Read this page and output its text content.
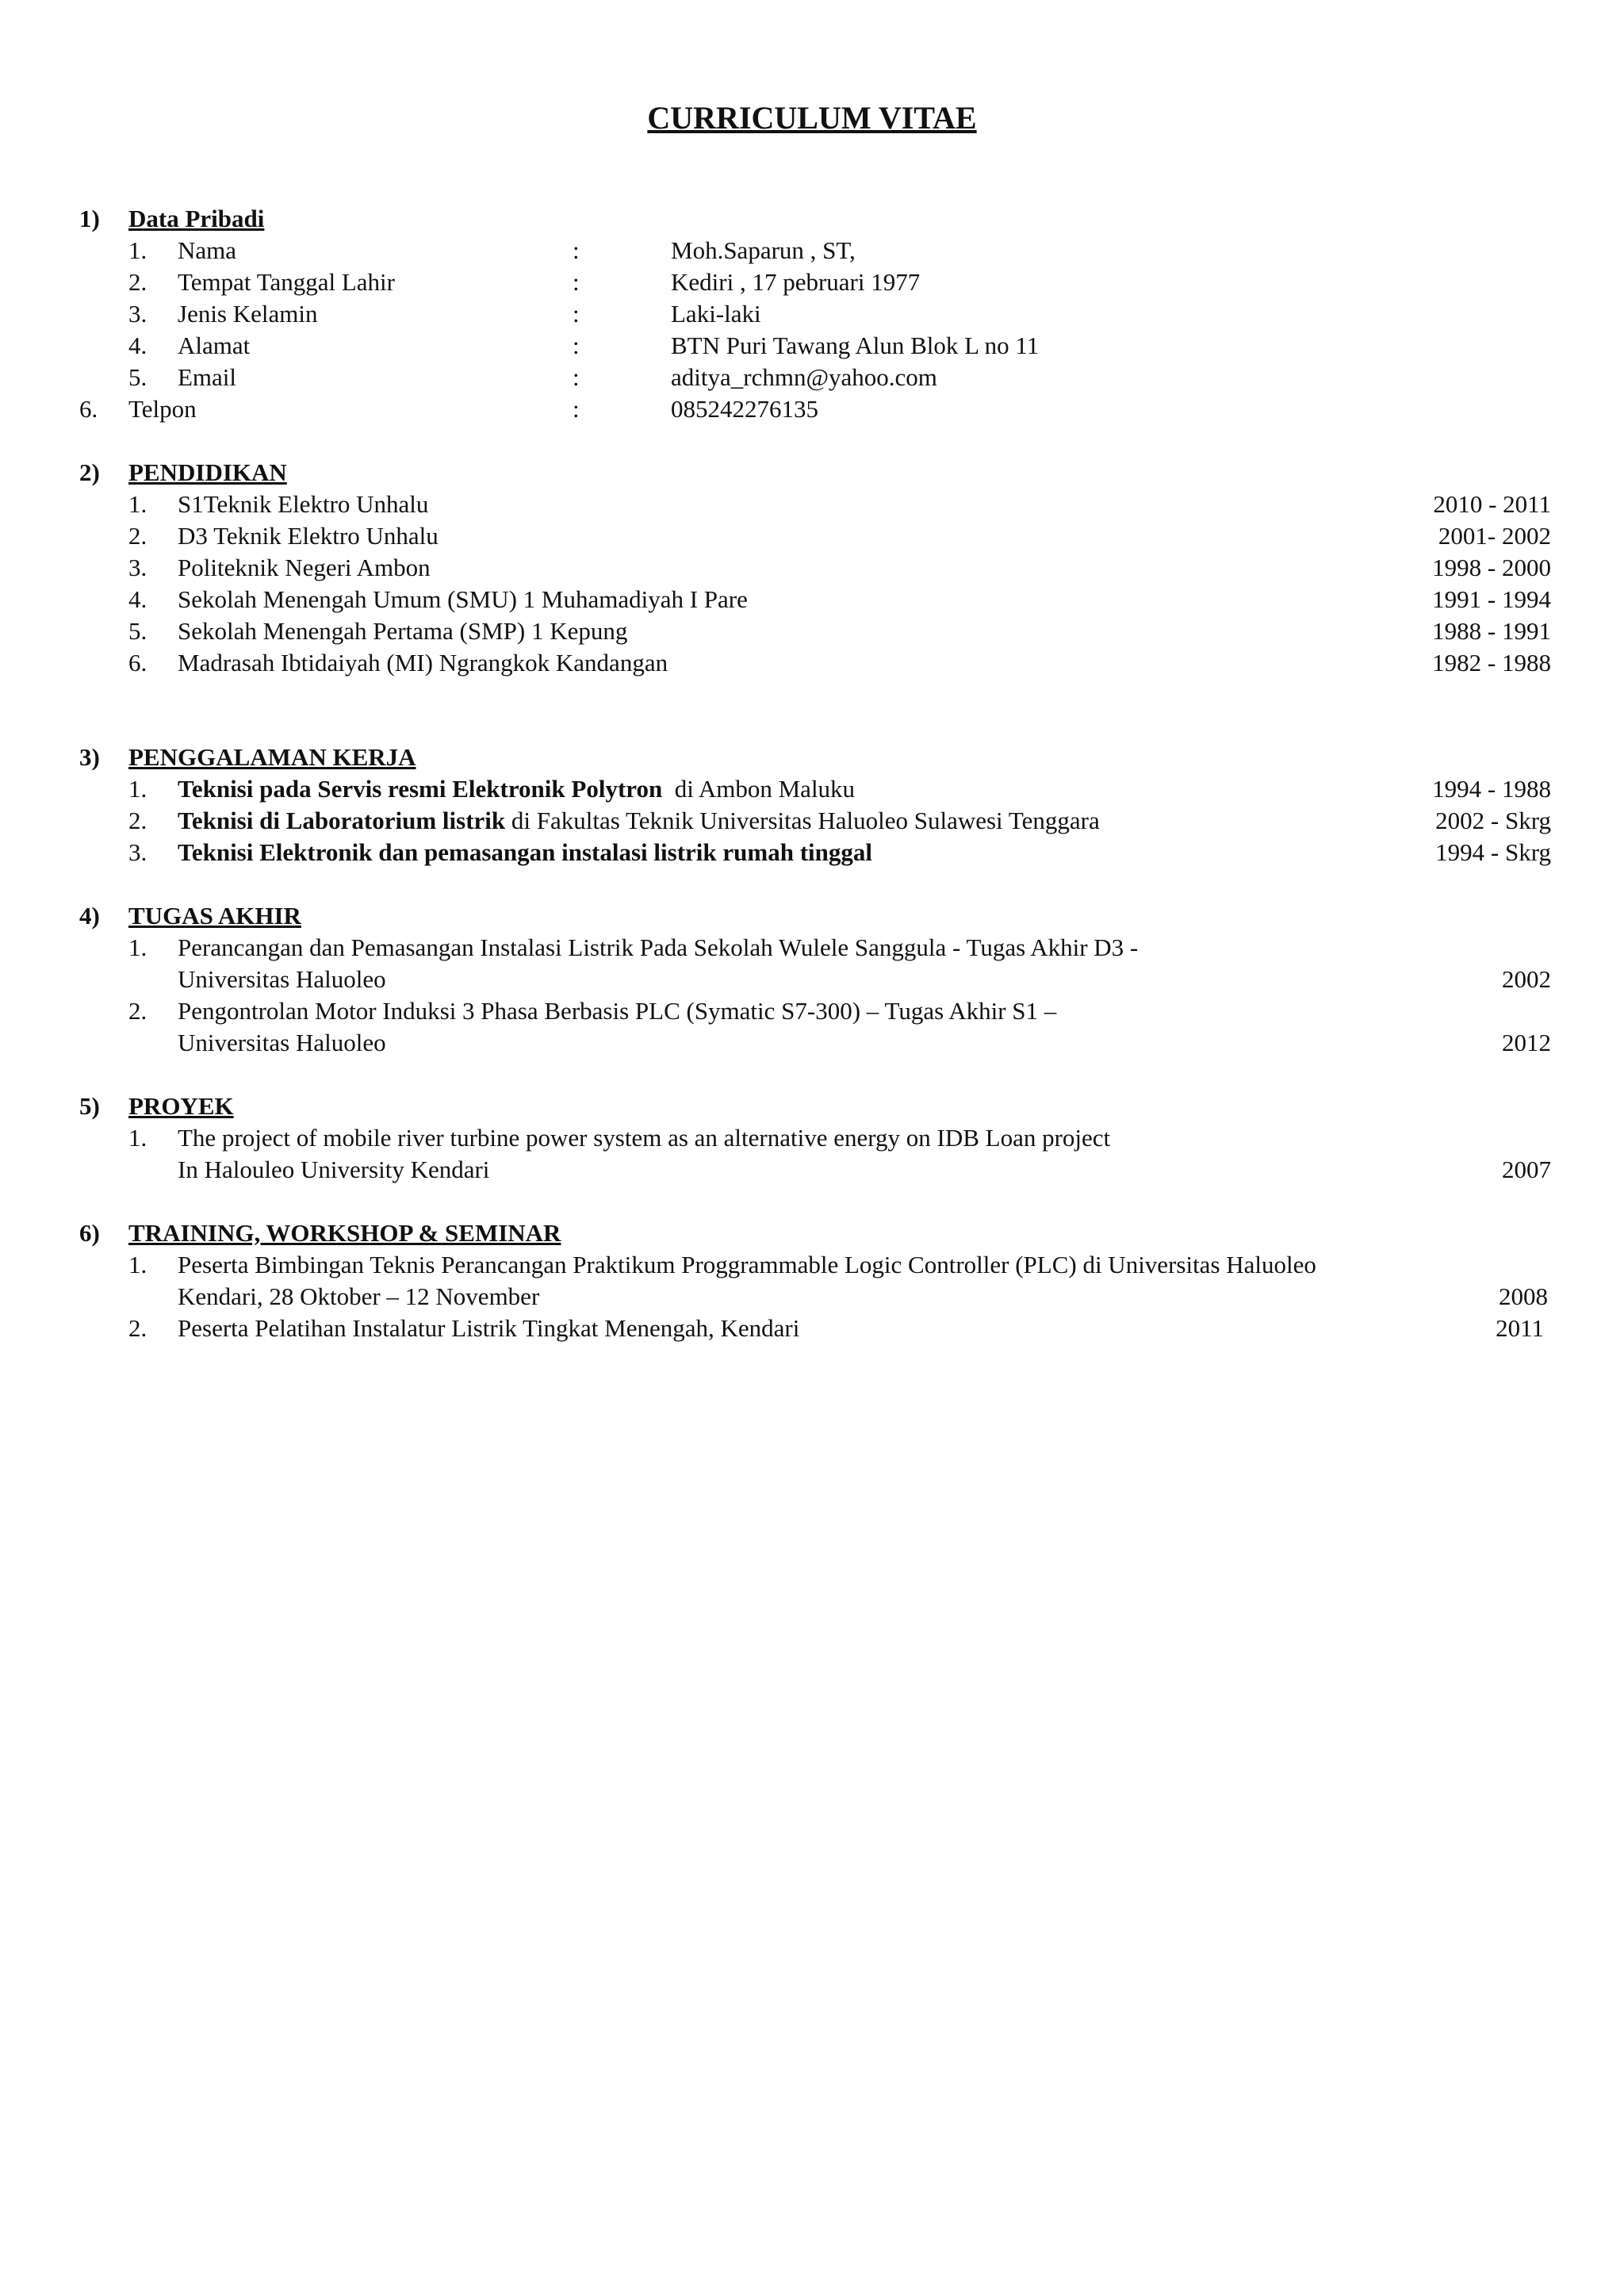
CURRICULUM VITAE
1) Data Pribadi
1. Nama	:	Moh.Saparun , ST,
2. Tempat Tanggal Lahir	:	Kediri , 17 pebruari 1977
3. Jenis Kelamin	:	Laki-laki
4. Alamat	:	BTN Puri Tawang Alun Blok L no 11
5. Email	:	aditya_rchmn@yahoo.com
6. Telpon	:	085242276135
2) PENDIDIKAN
1. S1Teknik Elektro Unhalu	2010 - 2011
2. D3 Teknik Elektro Unhalu	2001- 2002
3. Politeknik Negeri Ambon	1998 - 2000
4. Sekolah Menengah Umum (SMU) 1 Muhamadiyah I Pare	1991 - 1994
5. Sekolah Menengah Pertama (SMP) 1 Kepung	1988 - 1991
6. Madrasah Ibtidaiyah (MI) Ngrangkok Kandangan	1982 - 1988
3) PENGGALAMAN KERJA
1. Teknisi pada Servis resmi Elektronik Polytron  di Ambon Maluku	1994 - 1988
2. Teknisi di Laboratorium listrik di Fakultas Teknik Universitas Haluoleo Sulawesi Tenggara	2002 - Skrg
3. Teknisi Elektronik dan pemasangan instalasi listrik rumah tinggal	1994 - Skrg
4) TUGAS AKHIR
1. Perancangan dan Pemasangan Instalasi Listrik Pada Sekolah Wulele Sanggula - Tugas Akhir D3 -
Universitas Haluoleo	2002
2. Pengontrolan Motor Induksi 3 Phasa Berbasis PLC (Symatic S7-300) – Tugas Akhir S1 –
Universitas Haluoleo	2012
5) PROYEK
1. The project of mobile river turbine power system as an alternative energy on IDB Loan project
In Halouleo University Kendari	2007
6) TRAINING, WORKSHOP & SEMINAR
1. Peserta Bimbingan Teknis Perancangan Praktikum Proggrammable Logic Controller (PLC) di Universitas Haluoleo
Kendari, 28 Oktober – 12 November	2008
2. Peserta Pelatihan Instalatur Listrik Tingkat Menengah, Kendari	2011
